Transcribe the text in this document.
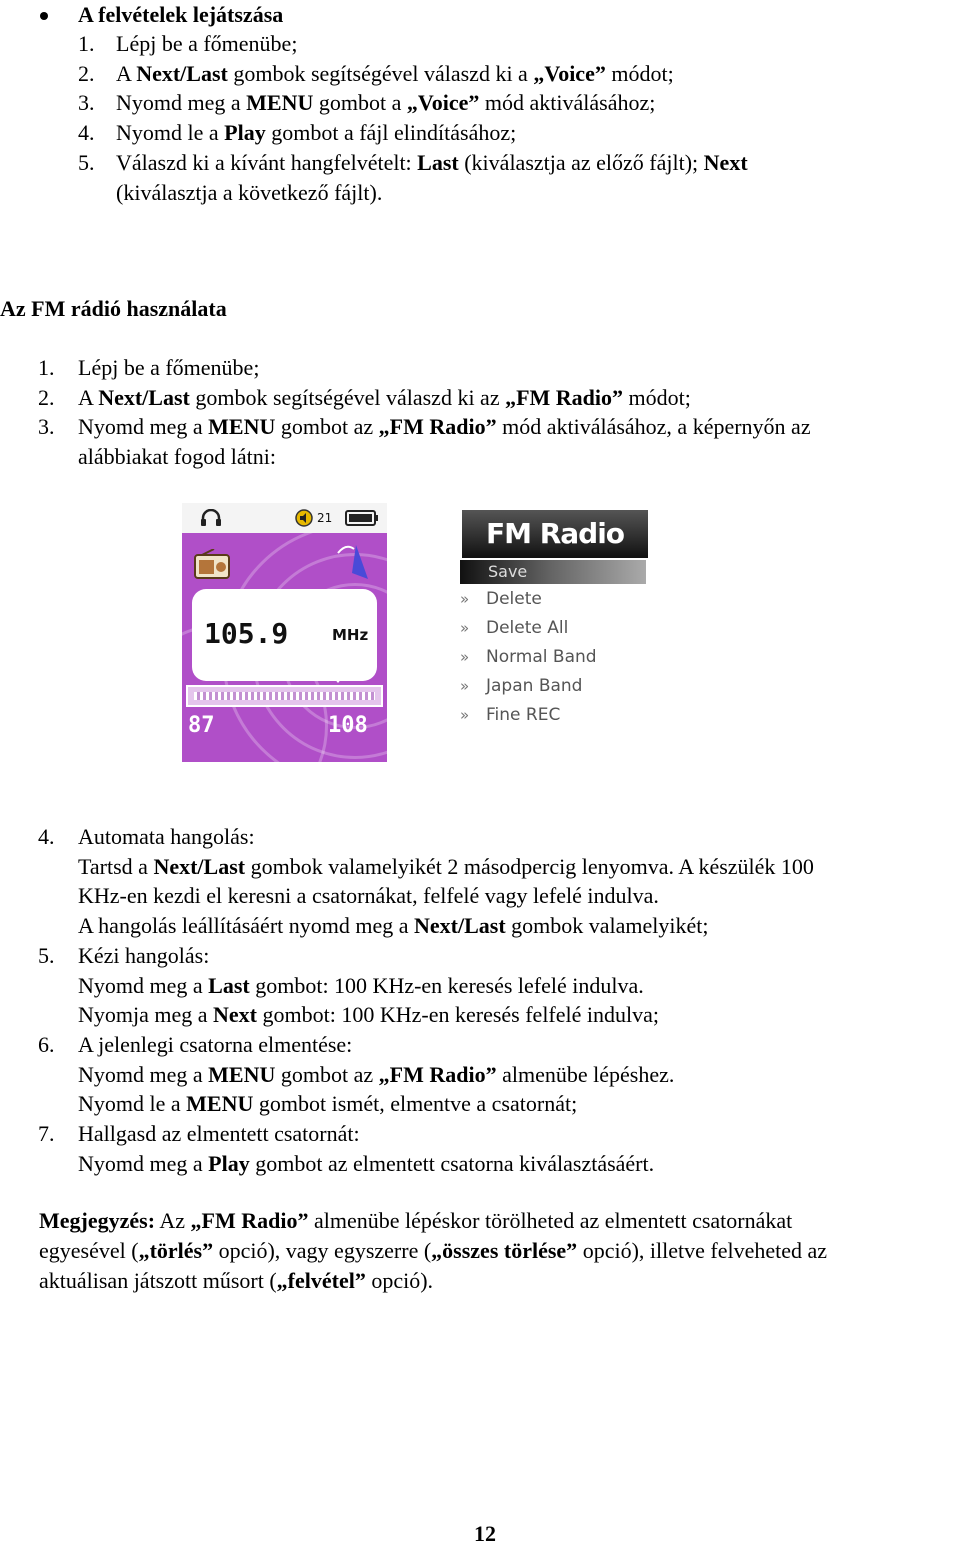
A felvételek lejátszása
1. Lépj be a főmenübe;
2. A Next/Last gombok segítségével válaszd ki a „Voice” módot;
3. Nyomd meg a MENU gombot a „Voice” mód aktiválásához;
4. Nyomd le a Play gombot a fájl elindításához;
5. Válaszd ki a kívánt hangfelvételt: Last (kiválasztja az előző fájlt); Next
(kiválasztja a következő fájlt).
Az FM rádió használata
1. Lépj be a főmenübe;
2. A Next/Last gombok segítségével válaszd ki az „FM Radio” módot;
3. Nyomd meg a MENU gombot az „FM Radio” mód aktiválásához, a képernyőn az
alábbiakat fogod látni:
21
105.9	MHz
87	108
FM Radio
Save
» Delete
» Delete All
» Normal Band
» Japan Band
» Fine REC
4. Automata hangolás:
Tartsd a Next/Last gombok valamelyikét 2 másodpercig lenyomva. A készülék 100
KHz-en kezdi el keresni a csatornákat, felfelé vagy lefelé indulva.
A hangolás leállításáért nyomd meg a Next/Last gombok valamelyikét;
5. Kézi hangolás:
Nyomd meg a Last gombot: 100 KHz-en keresés lefelé indulva.
Nyomja meg a Next gombot: 100 KHz-en keresés felfelé indulva;
6. A jelenlegi csatorna elmentése:
Nyomd meg a MENU gombot az „FM Radio” almenübe lépéshez.
Nyomd le a MENU gombot ismét, elmentve a csatornát;
7. Hallgasd az elmentett csatornát:
Nyomd meg a Play gombot az elmentett csatorna kiválasztásáért.
Megjegyzés: Az „FM Radio” almenübe lépéskor törölheted az elmentett csatornákat
egyesével („törlés” opció), vagy egyszerre („összes törlése” opció), illetve felveheted az
aktuálisan játszott műsort („felvétel” opció).
12
